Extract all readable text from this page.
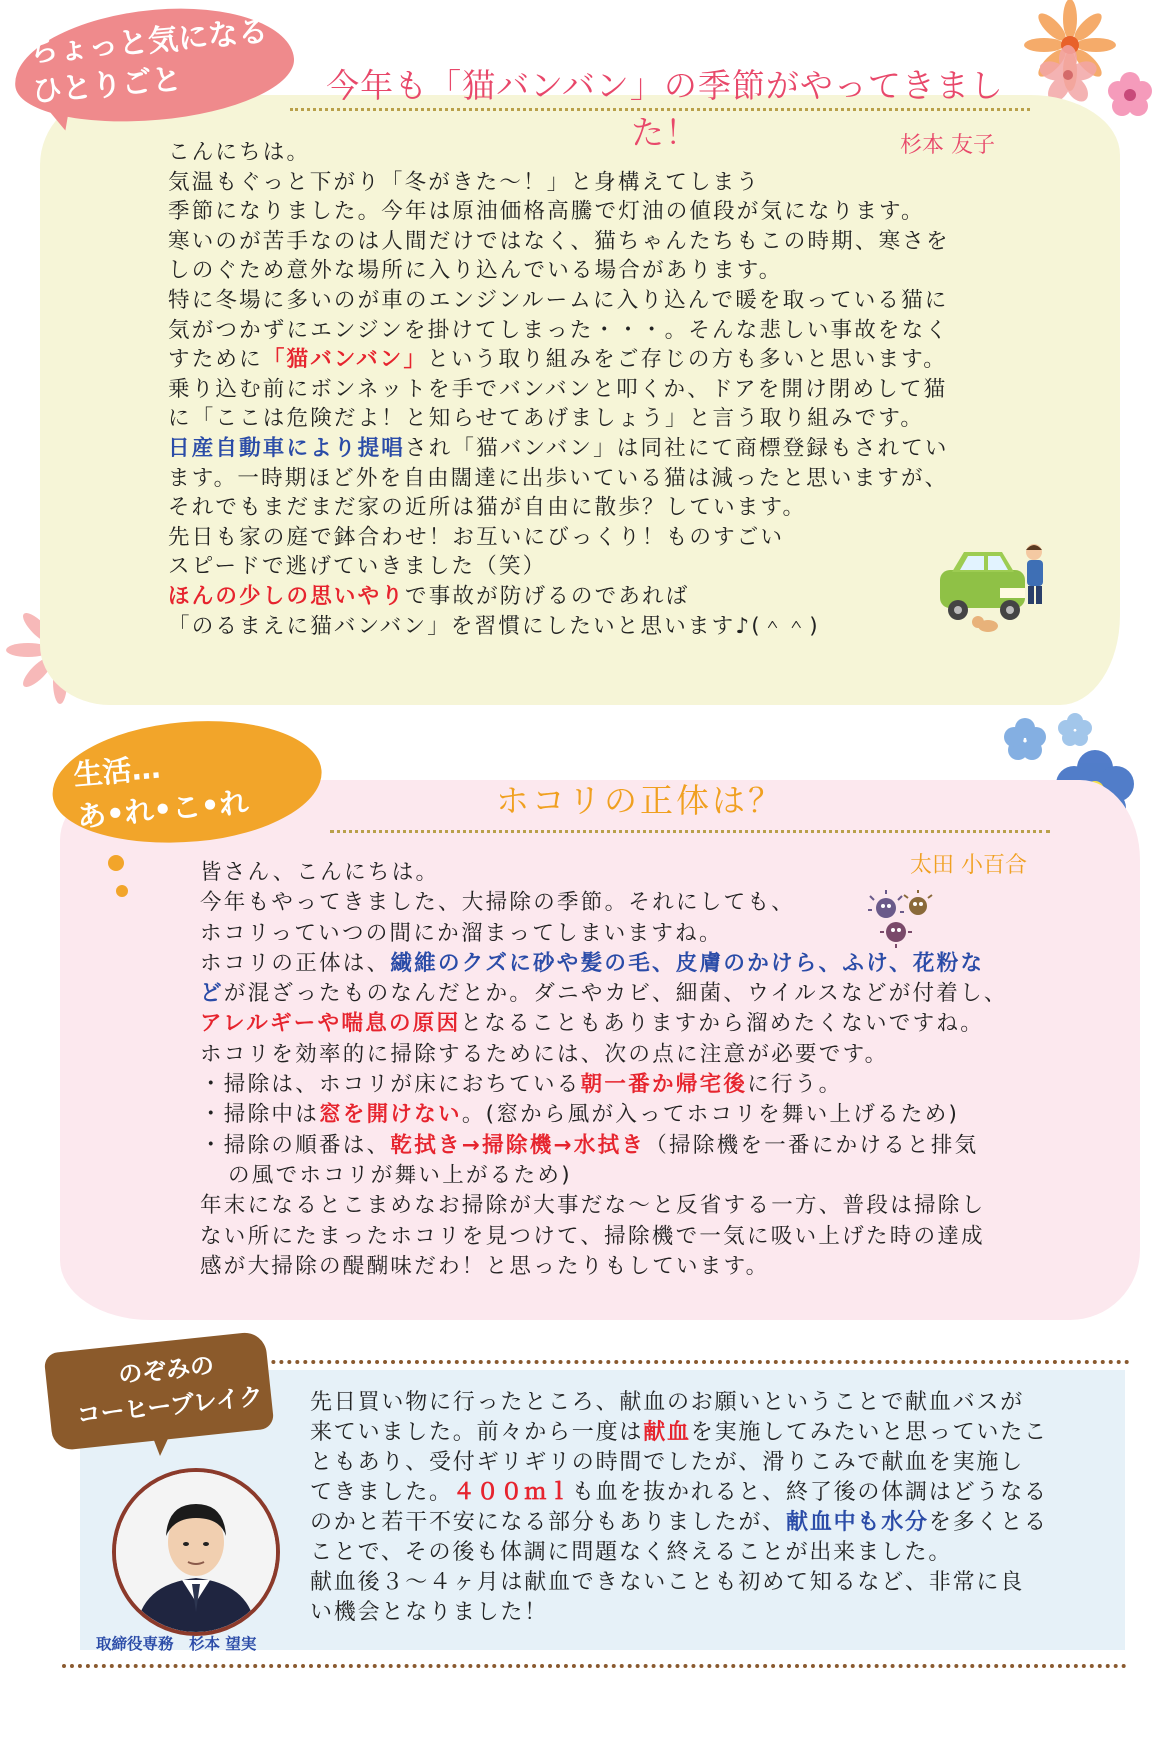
ちょっと気になる
ひとりごと	今年も「猫バンバン」の季節がやってきました！	杉本 友子
こんにちは。
気温もぐっと下がり「冬がきた～！」と身構えてしまう
季節になりました。今年は原油価格高騰で灯油の値段が気になります。
寒いのが苦手なのは人間だけではなく、猫ちゃんたちもこの時期、寒さを
しのぐため意外な場所に入り込んでいる場合があります。
特に冬場に多いのが車のエンジンルームに入り込んで暖を取っている猫に
気がつかずにエンジンを掛けてしまった・・・。そんな悲しい事故をなく
すために「猫バンバン」という取り組みをご存じの方も多いと思います。
乗り込む前にボンネットを手でバンバンと叩くか、ドアを開け閉めして猫
に「ここは危険だよ！と知らせてあげましょう」と言う取り組みです。
日産自動車により提唱され「猫バンバン」は同社にて商標登録もされてい
ます。一時期ほど外を自由闊達に出歩いている猫は減ったと思いますが、
それでもまだまだ家の近所は猫が自由に散歩？しています。
先日も家の庭で鉢合わせ！お互いにびっくり！ものすごい
スピードで逃げていきました（笑）
ほんの少しの思いやりで事故が防げるのであれば
「のるまえに猫バンバン」を習慣にしたいと思います♪(＾＾)
生活…
あ•れ•こ•れ	ホコリの正体は？
太田 小百合
皆さん、こんにちは。
今年もやってきました、大掃除の季節。それにしても、
ホコリっていつの間にか溜まってしまいますね。
ホコリの正体は、繊維のクズに砂や髪の毛、皮膚のかけら、ふけ、花粉な
どが混ざったものなんだとか。ダニやカビ、細菌、ウイルスなどが付着し、
アレルギーや喘息の原因となることもありますから溜めたくないですね。
ホコリを効率的に掃除するためには、次の点に注意が必要です。
・掃除は、ホコリが床におちている朝一番か帰宅後に行う。
・掃除中は窓を開けない。(窓から風が入ってホコリを舞い上げるため)
・掃除の順番は、乾拭き→掃除機→水拭き（掃除機を一番にかけると排気
の風でホコリが舞い上がるため)
年末になるとこまめなお掃除が大事だな～と反省する一方、普段は掃除し
ない所にたまったホコリを見つけて、掃除機で一気に吸い上げた時の達成
感が大掃除の醍醐味だわ！と思ったりもしています。
のぞみの
コーヒーブレイク
取締役専務　杉本 望実
先日買い物に行ったところ、献血のお願いということで献血バスが
来ていました。前々から一度は献血を実施してみたいと思っていたこ
ともあり、受付ギリギリの時間でしたが、滑りこみで献血を実施し
てきました。４００ｍｌも血を抜かれると、終了後の体調はどうなる
のかと若干不安になる部分もありましたが、献血中も水分を多くとる
ことで、その後も体調に問題なく終えることが出来ました。
献血後３～４ヶ月は献血できないことも初めて知るなど、非常に良
い機会となりました！
